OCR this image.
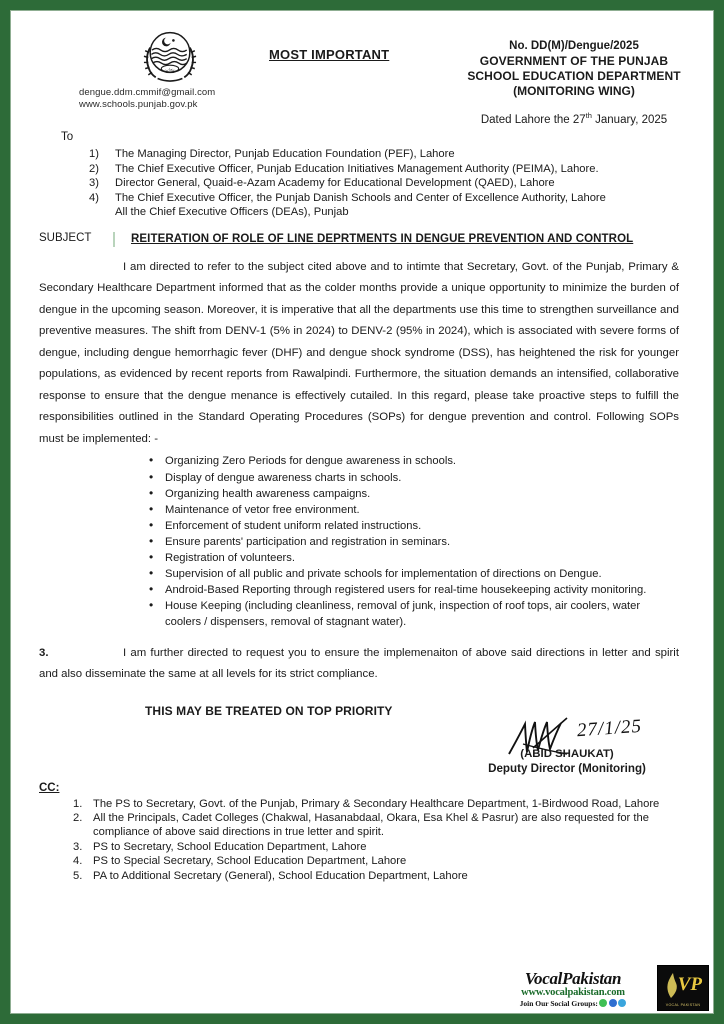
پنجاب
dengue.ddm.cmmif@gmail.com
www.schools.punjab.gov.pk
MOST IMPORTANT
No. DD(M)/Dengue/2025
GOVERNMENT OF THE PUNJAB
SCHOOL EDUCATION DEPARTMENT
(MONITORING WING)
Dated Lahore the 27th January, 2025
To
1) The Managing Director, Punjab Education Foundation (PEF), Lahore
2) The Chief Executive Officer, Punjab Education Initiatives Management Authority (PEIMA), Lahore.
3) Director General, Quaid-e-Azam Academy for Educational Development (QAED), Lahore
4) The Chief Executive Officer, the Punjab Danish Schools and Center of Excellence Authority, Lahore
All the Chief Executive Officers (DEAs), Punjab
SUBJECT	REITERATION OF ROLE OF LINE DEPRTMENTS IN DENGUE PREVENTION AND CONTROL
I am directed to refer to the subject cited above and to intimte that Secretary, Govt. of the Punjab, Primary & Secondary Healthcare Department informed that as the colder months provide a unique opportunity to minimize the burden of dengue in the upcoming season. Moreover, it is imperative that all the departments use this time to strengthen surveillance and preventive measures. The shift from DENV-1 (5% in 2024) to DENV-2 (95% in 2024), which is associated with severe forms of dengue, including dengue hemorrhagic fever (DHF) and dengue shock syndrome (DSS), has heightened the risk for younger populations, as evidenced by recent reports from Rawalpindi. Furthermore, the situation demands an intensified, collaborative response to ensure that the dengue menance is effectively cutailed. In this regard, please take proactive steps to fulfill the responsibilities outlined in the Standard Operating Procedures (SOPs) for dengue prevention and control. Following SOPs must be implemented: -
• Organizing Zero Periods for dengue awareness in schools.
• Display of dengue awareness charts in schools.
• Organizing health awareness campaigns.
• Maintenance of vetor free environment.
• Enforcement of student uniform related instructions.
• Ensure parents' participation and registration in seminars.
• Registration of volunteers.
• Supervision of all public and private schools for implementation of directions on Dengue.
• Android-Based Reporting through registered users for real-time housekeeping activity monitoring.
• House Keeping (including cleanliness, removal of junk, inspection of roof tops, air coolers, water coolers / dispensers, removal of stagnant water).
3.	I am further directed to request you to ensure the implemenaiton of above said directions in letter and spirit and also disseminate the same at all levels for its strict compliance.
THIS MAY BE TREATED ON TOP PRIORITY
27/1/25
(ABID SHAUKAT)
Deputy Director (Monitoring)
CC:
1. The PS to Secretary, Govt. of the Punjab, Primary & Secondary Healthcare Department, 1-Birdwood Road, Lahore
2. All the Principals, Cadet Colleges (Chakwal, Hasanabdaal, Okara, Esa Khel & Pasrur) are also requested for the compliance of above said directions in true letter and spirit.
3. PS to Secretary, School Education Department, Lahore
4. PS to Special Secretary, School Education Department, Lahore
5. PA to Additional Secretary (General), School Education Department, Lahore
VocalPakistan
www.vocalpakistan.com
Join Our Social Groups:
VP
VOCAL PAKISTAN
